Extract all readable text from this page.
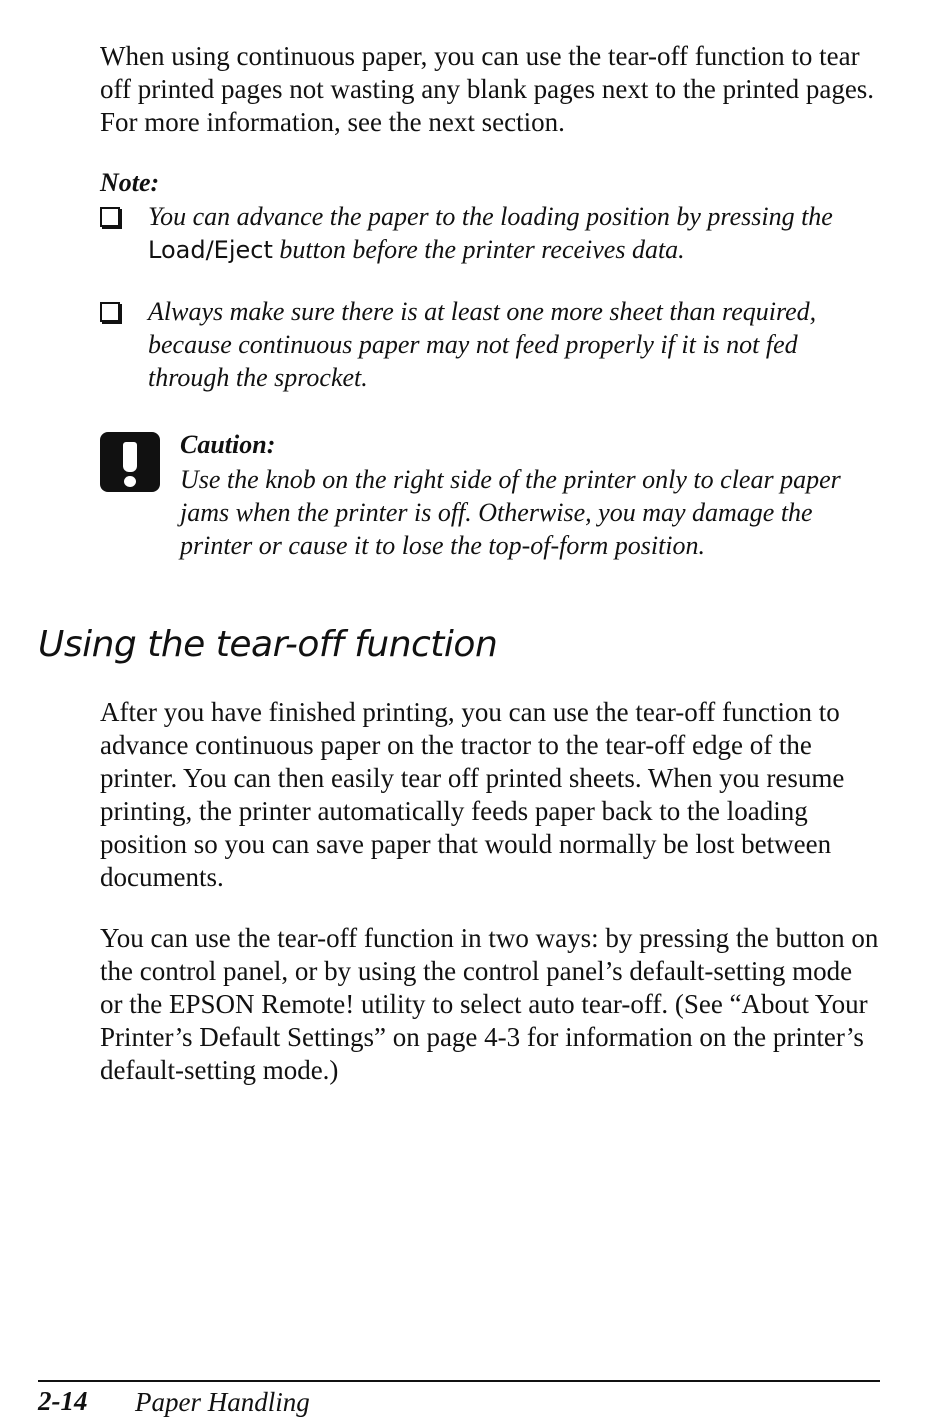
When using continuous paper, you can use the tear-off function to tear off printed pages not wasting any blank pages next to the printed pages. For more information, see the next section.

Note:

You can advance the paper to the loading position by pressing the Load/Eject button before the printer receives data.

Always make sure there is at least one more sheet than required, because continuous paper may not feed properly if it is not fed through the sprocket.

Caution:

Use the knob on the right side of the printer only to clear paper jams when the printer is off. Otherwise, you may damage the printer or cause it to lose the top-of-form position.

Using the tear-off function

After you have finished printing, you can use the tear-off function to advance continuous paper on the tractor to the tear-off edge of the printer. You can then easily tear off printed sheets. When you resume printing, the printer automatically feeds paper back to the loading position so you can save paper that would normally be lost between documents.

You can use the tear-off function in two ways: by pressing the button on the control panel, or by using the control panel’s default-setting mode or the EPSON Remote! utility to select auto tear-off. (See “About Your Printer’s Default Settings” on page 4-3 for information on the printer’s default-setting mode.)

2-14 Paper Handling
